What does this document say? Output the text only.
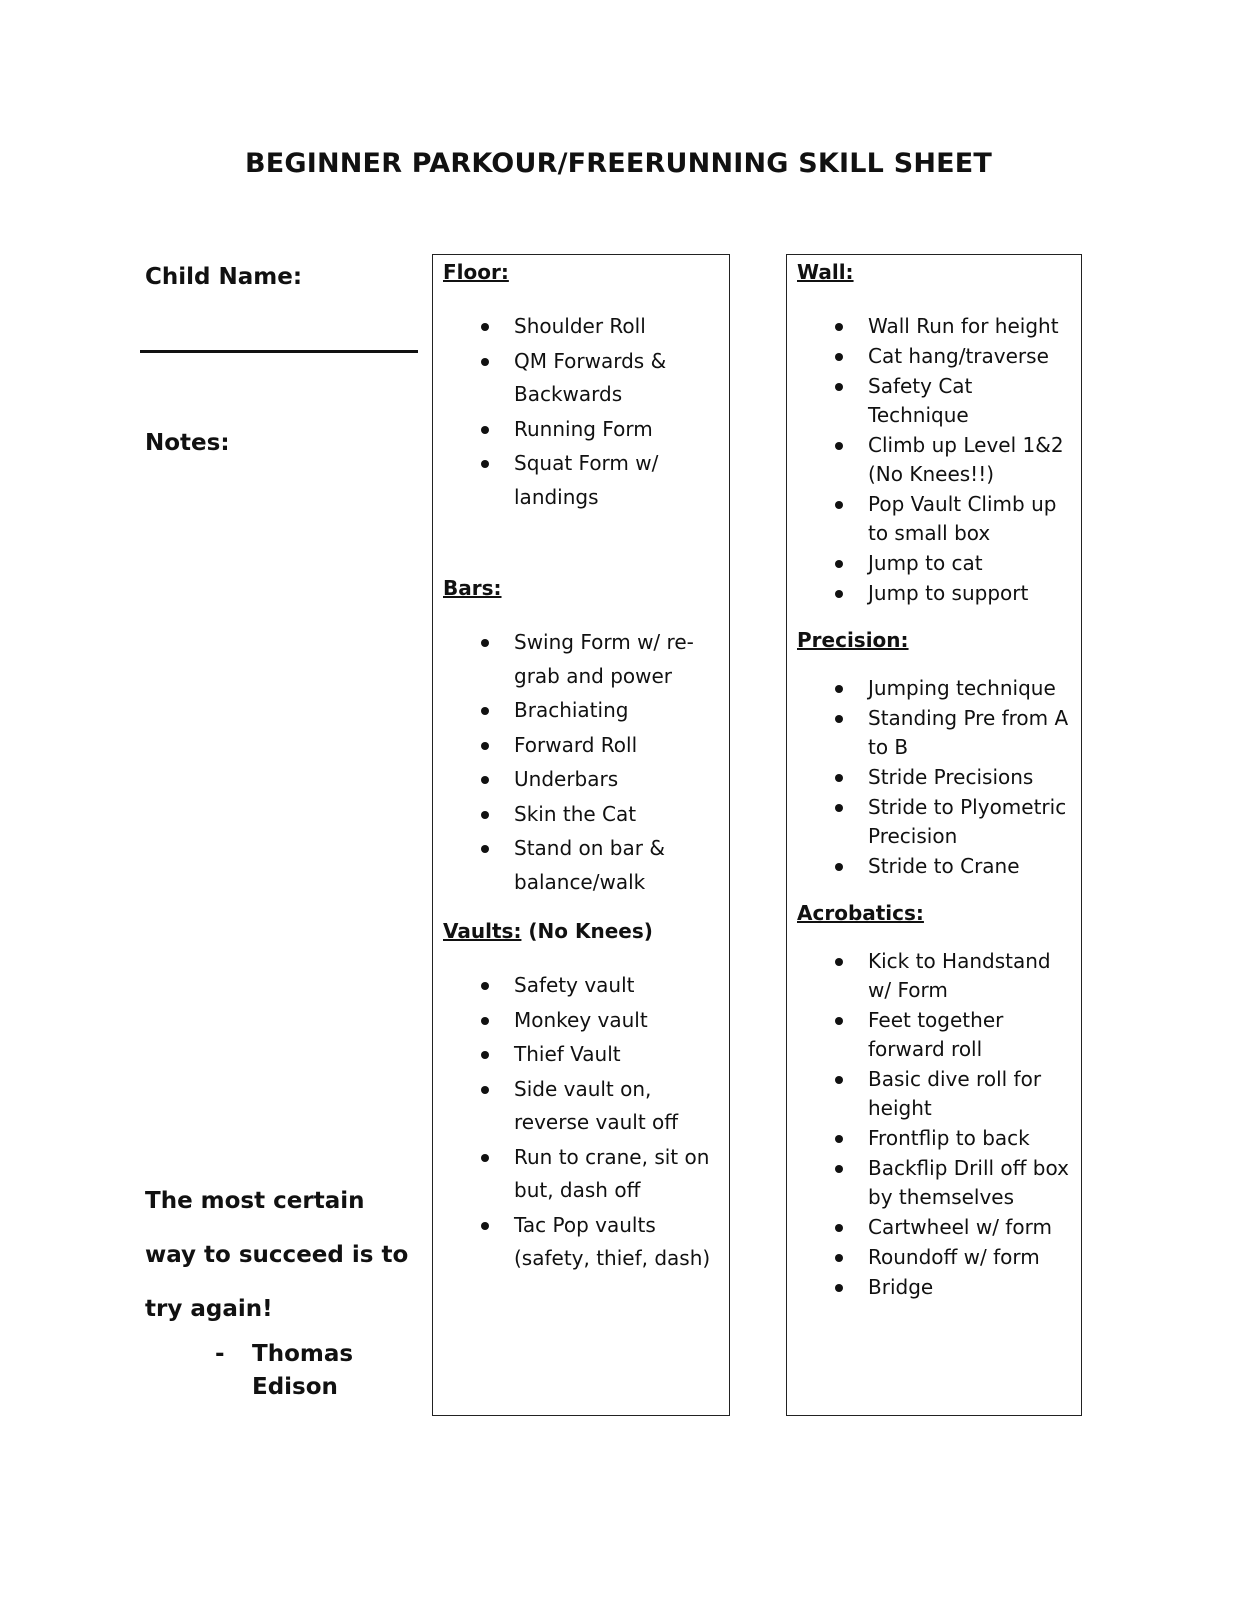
BEGINNER PARKOUR/FREERUNNING SKILL SHEET
Child Name:
Notes:
The most certain
way to succeed is to
try again!
- Thomas Edison
Floor:
Shoulder Roll
QM Forwards & Backwards
Running Form
Squat Form w/ landings
Bars:
Swing Form w/ re-grab and power
Brachiating
Forward Roll
Underbars
Skin the Cat
Stand on bar & balance/walk
Vaults: (No Knees)
Safety vault
Monkey vault
Thief Vault
Side vault on, reverse vault off
Run to crane, sit on but, dash off
Tac Pop vaults (safety, thief, dash)
Wall:
Wall Run for height
Cat hang/traverse
Safety Cat Technique
Climb up Level 1&2 (No Knees!!)
Pop Vault Climb up to small box
Jump to cat
Jump to support
Precision:
Jumping technique
Standing Pre from A to B
Stride Precisions
Stride to Plyometric Precision
Stride to Crane
Acrobatics:
Kick to Handstand w/ Form
Feet together forward roll
Basic dive roll for height
Frontflip to back
Backflip Drill off box by themselves
Cartwheel w/ form
Roundoff w/ form
Bridge
